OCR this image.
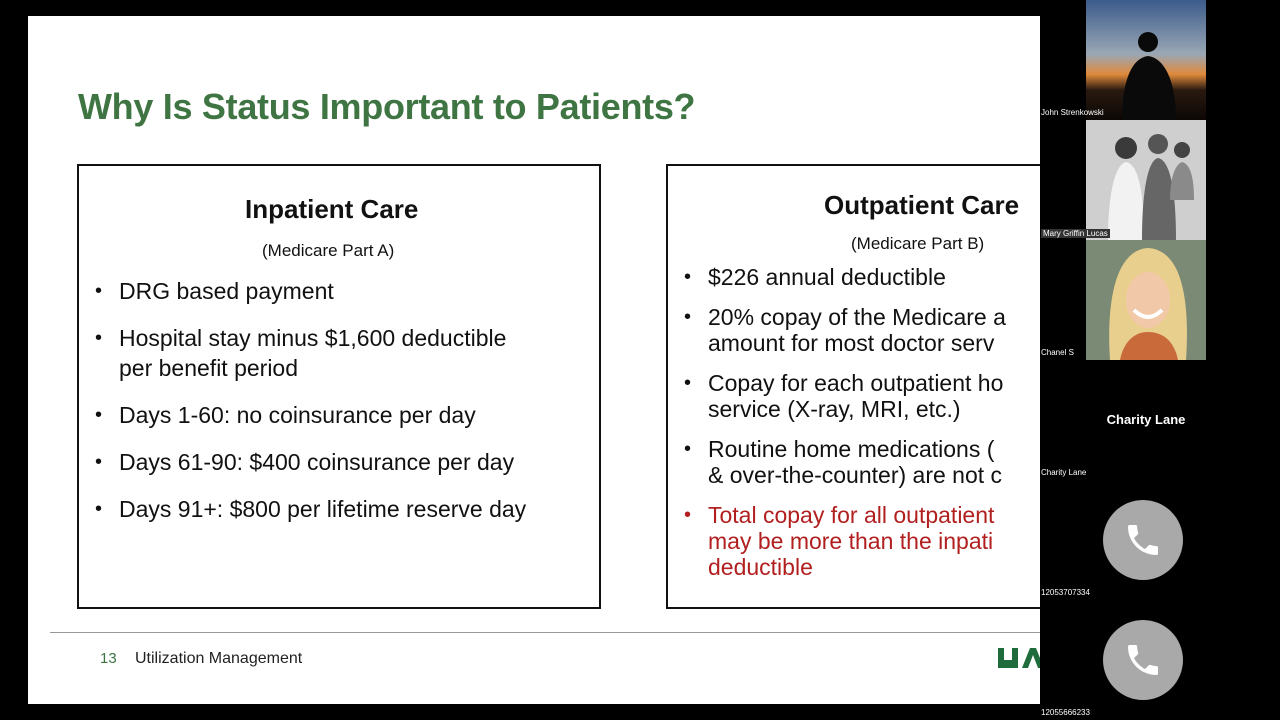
Why Is Status Important to Patients?
Inpatient Care
(Medicare Part A)
• DRG based payment
• Hospital stay minus $1,600 deductible
per benefit period
• Days 1-60: no coinsurance per day
• Days 61-90: $400 coinsurance per day
• Days 91+: $800 per lifetime reserve day
Outpatient Care
(Medicare Part B)
• $226 annual deductible
• 20% copay of the Medicare a
amount for most doctor serv
• Copay for each outpatient ho
service (X-ray, MRI, etc.)
• Routine home medications (
& over-the-counter) are not c
• Total copay for all outpatient
may be more than the inpati
deductible
13 Utilization Management
John Strenkowski
Mary Griffin Lucas
Chanel S
Charity Lane
Charity Lane
12053707334
12055666233
